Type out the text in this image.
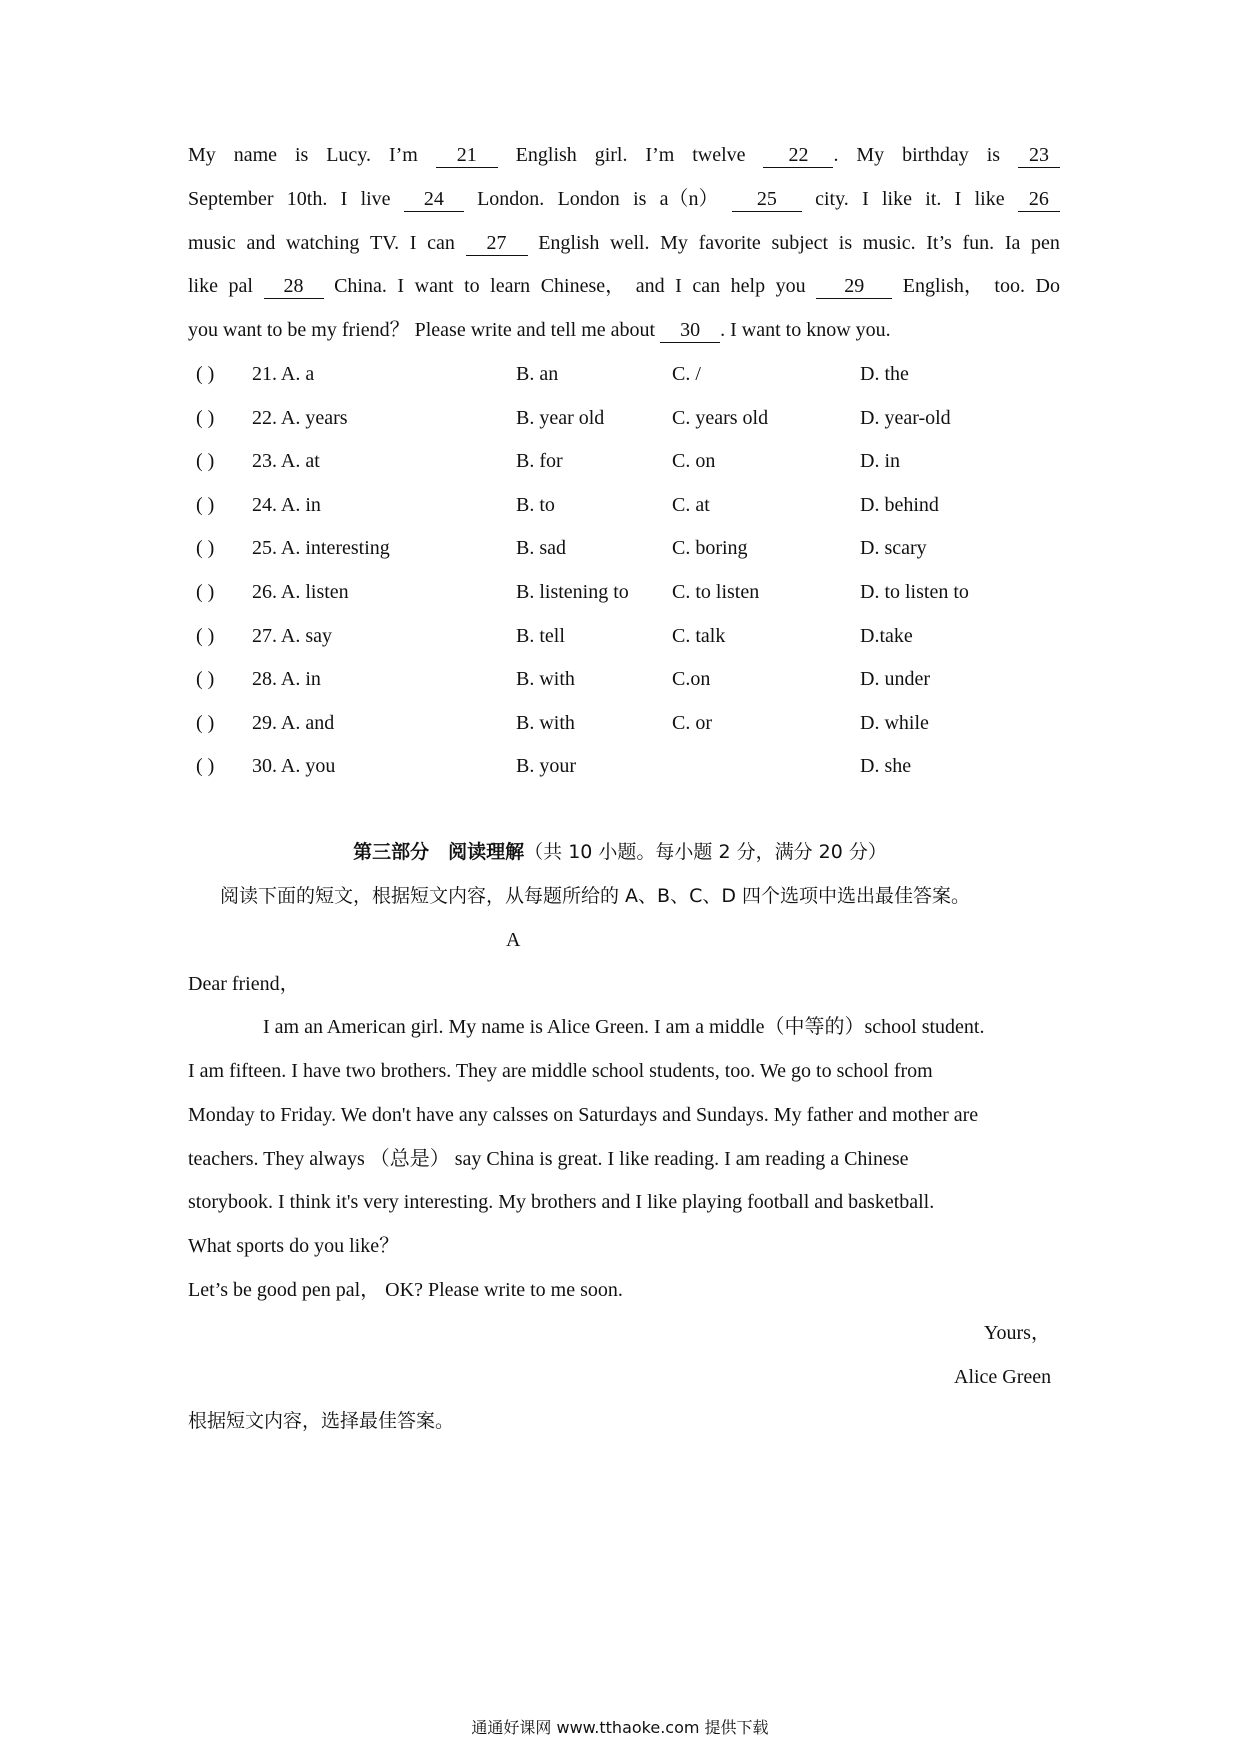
My name is Lucy. I’m	21	English girl. I’m twelve	22 . My birthday is	23
September 10th. I live	24	London. London is a（n）	25	city. I like it. I like	26
music and watching TV. I can	27	English well. My favorite subject is music. It’s fun. Ia pen
like pal	28	China. I want to learn Chinese， and I can help you	29	English， too. Do
you want to be my friend？ Please write and tell me about 30 . I want to know you.
( ) 21. A. a	B. an	C. /	D. the
( ) 22. A. years	B. year old	C. years old	D. year-old
( ) 23. A. at	B. for	C. on	D. in
( ) 24. A. in	B. to	C. at	D. behind
( ) 25. A. interesting	B. sad	C. boring	D. scary
( ) 26. A. listen	B. listening to C. to listen	D. to listen to
( ) 27. A. say	B. tell	C. talk	D.take
( ) 28. A. in	B. with	C.on	D. under
( ) 29. A. and	B. with	C. or	D. while
( ) 30. A. you	B. your	D. she
第三部分　阅读理解（共 10 小题。每小题 2 分，满分 20 分）
阅读下面的短文，根据短文内容，从每题所给的 A、B、C、D 四个选项中选出最佳答案。
A
Dear friend，
I am an American girl. My name is Alice Green. I am a middle（中等的）school student.
I am fifteen. I have two brothers. They are middle school students, too. We go to school from
Monday to Friday. We don't have any calsses on Saturdays and Sundays. My father and mother are
teachers. They always （总是） say China is great. I like reading. I am reading a Chinese
storybook. I think it's very interesting. My brothers and I like playing football and basketball.
What sports do you like？
Let’s be good pen pal， OK? Please write to me soon.
Yours，
Alice Green
根据短文内容，选择最佳答案。
通通好课网 www.tthaoke.com 提供下载
